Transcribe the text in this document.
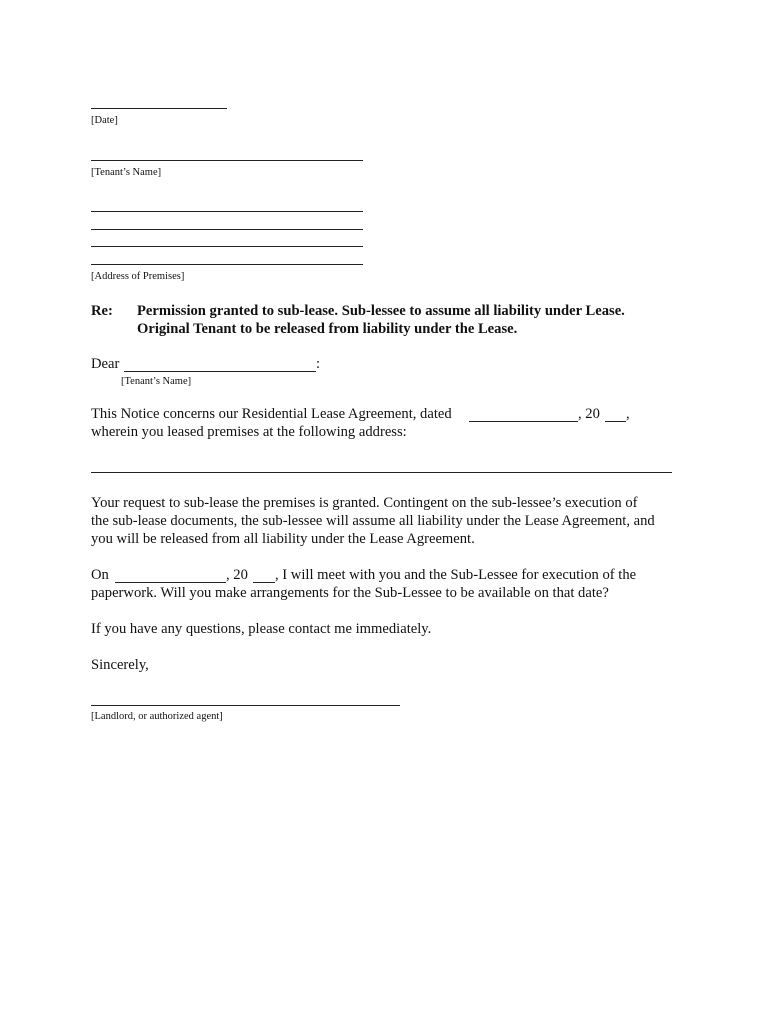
[Date]
[Tenant’s Name]
[Address of Premises]
Re: Permission granted to sub-lease. Sub-lessee to assume all liability under Lease.
Original Tenant to be released from liability under the Lease.
Dear	:
[Tenant’s Name]
This Notice concerns our Residential Lease Agreement, dated	, 20 ,
wherein you leased premises at the following address:
Your request to sub-lease the premises is granted. Contingent on the sub-lessee’s execution of
the sub-lease documents, the sub-lessee will assume all liability under the Lease Agreement, and
you will be released from all liability under the Lease Agreement.
On	, 20 , I will meet with you and the Sub-Lessee for execution of the
paperwork. Will you make arrangements for the Sub-Lessee to be available on that date?
If you have any questions, please contact me immediately.
Sincerely,
[Landlord, or authorized agent]
